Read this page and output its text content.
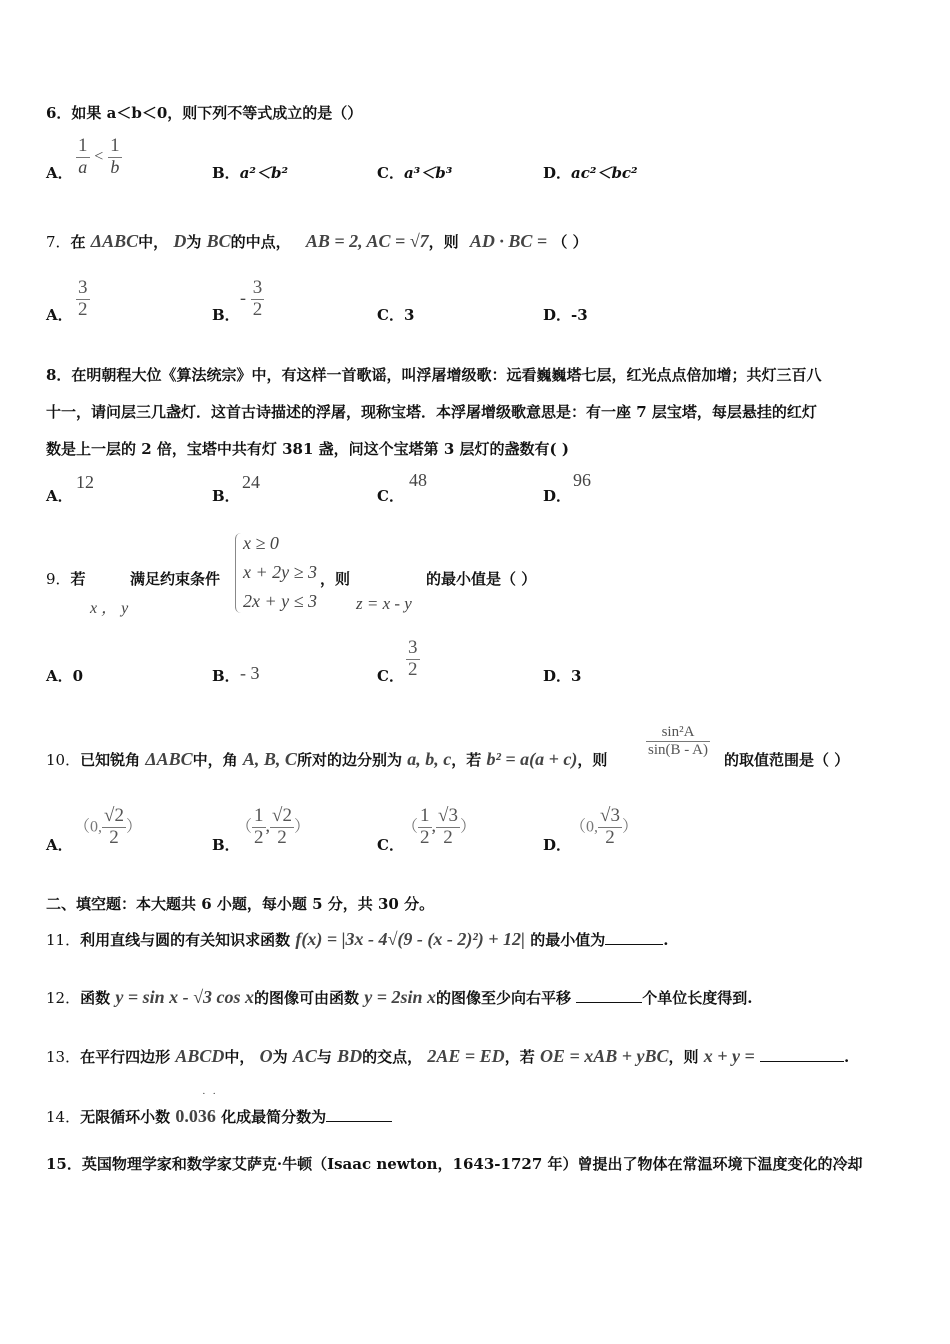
6．如果 a＜b＜0，则下列不等式成立的是（）
A． $\frac{1}{a} < \frac{1}{b}$	B．a²＜b²	C．a³＜b³	D．ac²＜bc²
7．在 ΔABC中， D为 BC的中点， AB = 2, AC = √7，则 AD · BC = （ ）
A． $\frac{3}{2}$	B．
- $\frac{3}{2}$	C．3	D．-3
8．在明朝程大位《算法统宗》中，有这样一首歌谣，叫浮屠增级歌：远看巍巍塔七层，红光点点倍加增；共灯三百八
十一，请问层三几盏灯．这首古诗描述的浮屠，现称宝塔．本浮屠增级歌意思是：有一座 7 层宝塔，每层悬挂的红灯
数是上一层的 2 倍，宝塔中共有灯 381 盏，问这个宝塔第 3 层灯的盏数有( )
A．
12
B．
24
C．
48
D．
96
9．若
x ， y
满足约束条件
x ≥ 0
x + 2y ≥ 3
2x + y ≤ 3
，则
z = x - y
的最小值是（ ）
A．0	B． - 3	C． $\frac{3}{2}$	D．3
10．已知锐角 ΔABC中，角 A, B, C所对的边分别为 a, b, c，若 b² = a(a + c)，则
$\frac{\text{sin²A}}{\sin(B - A)}$
的取值范围是（ ）
A．
（0, $\frac{√2}{2}$ ）
B．
（ $\frac{1}{2}$ , $\frac{√2}{2}$ ）
C．
（ $\frac{1}{2}$ , $\frac{√3}{2}$ ）
D．
（0, $\frac{√3}{2}$ ）
二、填空题：本大题共 6 小题，每小题 5 分，共 30 分。
11．利用直线与圆的有关知识求函数 f(x) = |3x - 4√(9 - (x - 2)²) + 12| 的最小值为	.
12．函数 y = sin x - √3 cos x的图像可由函数 y = 2sin x的图像至少向右平移	个单位长度得到.
13．在平行四边形 ABCD中， O为 AC与 BD的交点， 2AE = ED，若 OE = xAB + yBC，则 x + y =	.
· ·
14．无限循环小数 0.036 化成最简分数为
15．英国物理学家和数学家艾萨克·牛顿（Isaac newton，1643-1727 年）曾提出了物体在常温环境下温度变化的冷却
